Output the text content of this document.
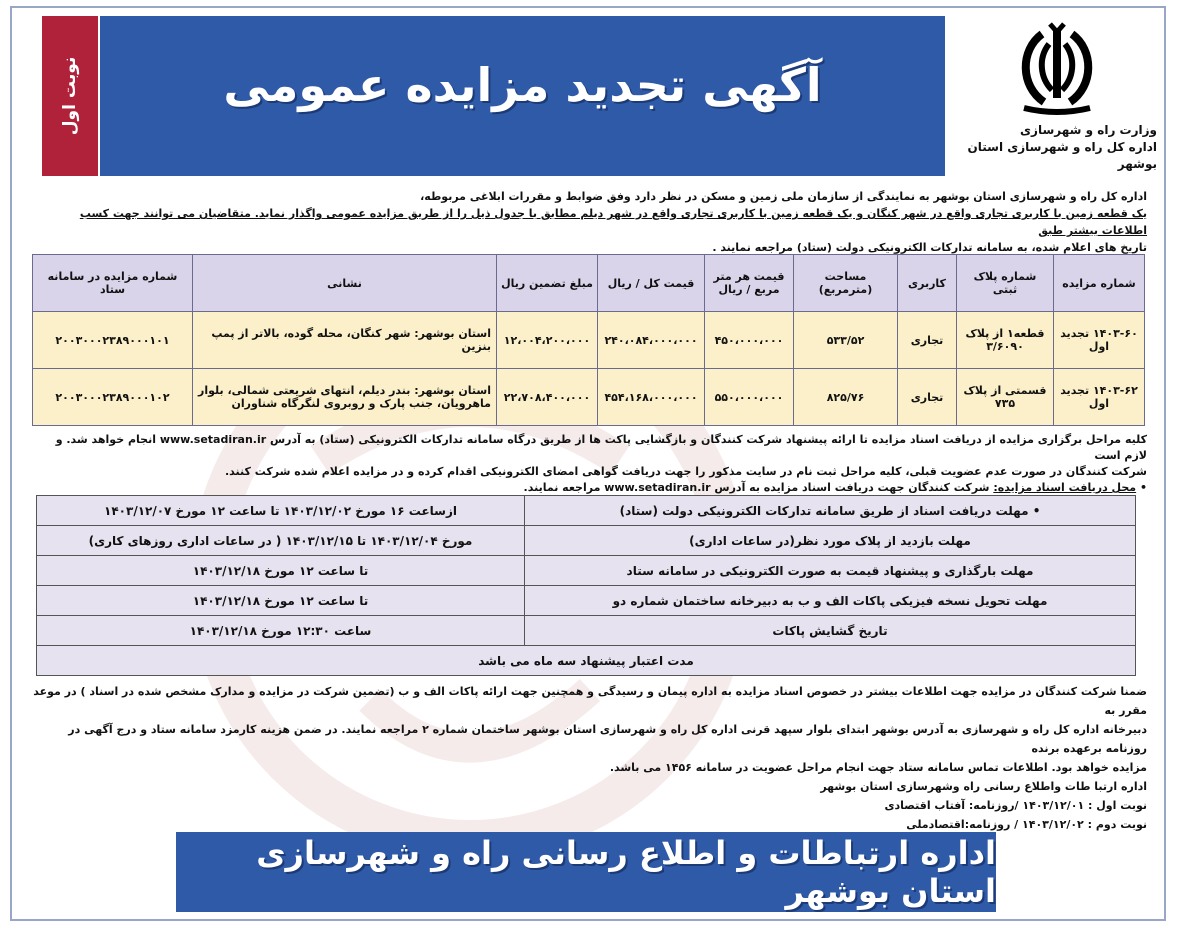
وزارت راه و شهرسازی
اداره کل راه و شهرسازی استان بوشهر
آگهی تجدید مزایده عمومی
نوبت اول
اداره کل راه و شهرسازی استان بوشهر به نمایندگی از سازمان ملی زمین و مسکن در نظر دارد وفق ضوابط و مقررات ابلاغی مربوطه،
یک قطعه زمین با کاربری تجاری واقع در شهر کنگان و یک قطعه زمین با کاربری تجاری واقع در شهر دیلم مطابق با جدول ذیل را از طریق مزایده عمومی واگذار نماید. متقاضیان می توانند جهت کسب اطلاعات بیشتر طبق
تاریخ های اعلام شده، به سامانه تدارکات الکترونیکی دولت (ستاد) مراجعه نمایند .
شماره مزایده	شماره پلاک ثبتی	کاربری	مساحت (مترمربع)	قیمت هر متر مربع / ریال	قیمت کل / ریال	مبلغ تضمین ریال	نشانی	شماره مزایده در سامانه ستاد
۱۴۰۳-۶۰ تجدید اول	قطعه۱ از پلاک ۳/۶۰۹۰	تجاری	۵۳۳/۵۲	۴۵۰،۰۰۰،۰۰۰	۲۴۰،۰۸۴،۰۰۰،۰۰۰	۱۲،۰۰۴،۲۰۰،۰۰۰	استان بوشهر: شهر کنگان، محله گوده، بالاتر از پمپ بنزین	۲۰۰۳۰۰۰۲۳۸۹۰۰۰۱۰۱
۱۴۰۳-۶۲ تجدید اول	قسمتی از پلاک ۷۳۵	تجاری	۸۲۵/۷۶	۵۵۰،۰۰۰،۰۰۰	۴۵۴،۱۶۸،۰۰۰،۰۰۰	۲۲،۷۰۸،۴۰۰،۰۰۰	استان بوشهر: بندر دیلم، انتهای شریعتی شمالی، بلوار ماهرویان، جنب پارک و روبروی لنگرگاه شناوران	۲۰۰۳۰۰۰۲۳۸۹۰۰۰۱۰۲
کلیه مراحل برگزاری مزایده از دریافت اسناد مزایده تا ارائه پیشنهاد شرکت کنندگان و بازگشایی پاکت ها از طریق درگاه سامانه تدارکات الکترونیکی (ستاد) به آدرس www.setadiran.ir انجام خواهد شد. و لازم است
شرکت کنندگان در صورت عدم عضویت قبلی، کلیه مراحل ثبت نام در سایت مذکور را جهت دریافت گواهی امضای الکترونیکی اقدام کرده و در مزایده اعلام شده شرکت کنند.
• محل دریافت اسناد مزایده: شرکت کنندگان جهت دریافت اسناد مزایده به آدرس www.setadiran.ir مراجعه نمایند.
• مهلت دریافت اسناد از طریق سامانه تدارکات الکترونیکی دولت (ستاد)	ازساعت ۱۶ مورخ ۱۴۰۳/۱۲/۰۲ تا ساعت ۱۲ مورخ ۱۴۰۳/۱۲/۰۷
مهلت بازدید از پلاک مورد نظر(در ساعات اداری)	مورخ ۱۴۰۳/۱۲/۰۴ تا ۱۴۰۳/۱۲/۱۵ ( در ساعات اداری روزهای کاری)
مهلت بارگذاری و پیشنهاد قیمت به صورت الکترونیکی در سامانه ستاد	تا ساعت ۱۲ مورخ ۱۴۰۳/۱۲/۱۸
مهلت تحویل نسخه فیزیکی پاکات الف و ب به دبیرخانه ساختمان شماره دو	تا ساعت ۱۲ مورخ ۱۴۰۳/۱۲/۱۸
تاریخ گشایش پاکات	ساعت ۱۲:۳۰ مورخ ۱۴۰۳/۱۲/۱۸
مدت اعتبار پیشنهاد سه ماه می باشد	

ضمنا شرکت کنندگان در مزایده جهت اطلاعات بیشتر در خصوص اسناد مزایده به اداره پیمان و رسیدگی و همچنین جهت ارائه پاکات الف و ب (تضمین شرکت در مزایده و مدارک مشخص شده در اسناد ) در موعد مقرر به

دبیرخانه اداره کل راه و شهرسازی به آدرس بوشهر ابتدای بلوار سپهد قرنی اداره کل راه و شهرسازی استان بوشهر ساختمان شماره ۲ مراجعه نمایند. در ضمن هزینه کارمزد سامانه ستاد و درج آگهی در روزنامه برعهده برنده

مزایده خواهد بود. اطلاعات تماس سامانه ستاد جهت انجام مراحل عضویت در سامانه ۱۴۵۶ می باشد.

اداره ارتبا طات واطلاع رسانی راه وشهرسازی استان بوشهر

نوبت اول : ۱۴۰۳/۱۲/۰۱ /روزنامه: آفتاب اقتصادی

نوبت دوم : ۱۴۰۳/۱۲/۰۲ / روزنامه:اقتصادملی

اداره ارتباطات و اطلاع رسانی راه و شهرسازی استان بوشهر
